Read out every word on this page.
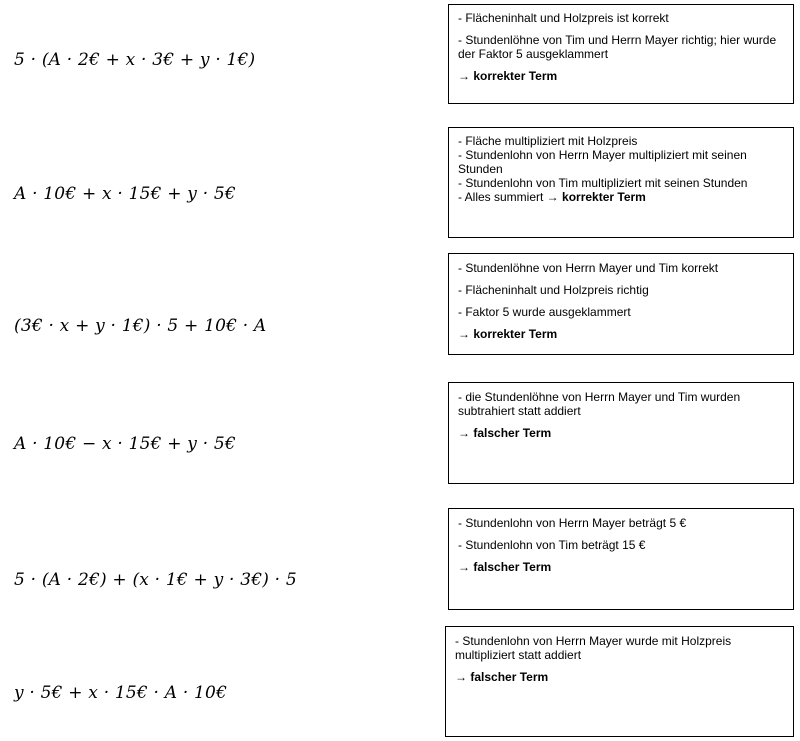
5 · (A · 2€ + x · 3€ + y · 1€)

- Flächeninhalt und Holzpreis ist korrekt

- Stundenlöhne von Tim und Herrn Mayer richtig; hier wurde der Faktor 5 ausgeklammert

→ korrekter Term

A · 10€ + x · 15€ + y · 5€

- Fläche multipliziert mit Holzpreis

- Stundenlohn von Herrn Mayer multipliziert mit seinen Stunden

- Stundenlohn von Tim multipliziert mit seinen Stunden

- Alles summiert → korrekter Term

(3€ · x + y · 1€) · 5 + 10€ · A

- Stundenlöhne von Herrn Mayer und Tim korrekt

- Flächeninhalt und Holzpreis richtig

- Faktor 5 wurde ausgeklammert

→ korrekter Term

A · 10€ − x · 15€ + y · 5€

- die Stundenlöhne von Herrn Mayer und Tim wurden subtrahiert statt addiert

→ falscher Term

5 · (A · 2€) + (x · 1€ + y · 3€) · 5

- Stundenlohn von Herrn Mayer beträgt 5 €

- Stundenlohn von Tim beträgt 15 €

→ falscher Term

y · 5€ + x · 15€ · A · 10€

- Stundenlohn von Herrn Mayer wurde mit Holzpreis multipliziert statt addiert

→ falscher Term
